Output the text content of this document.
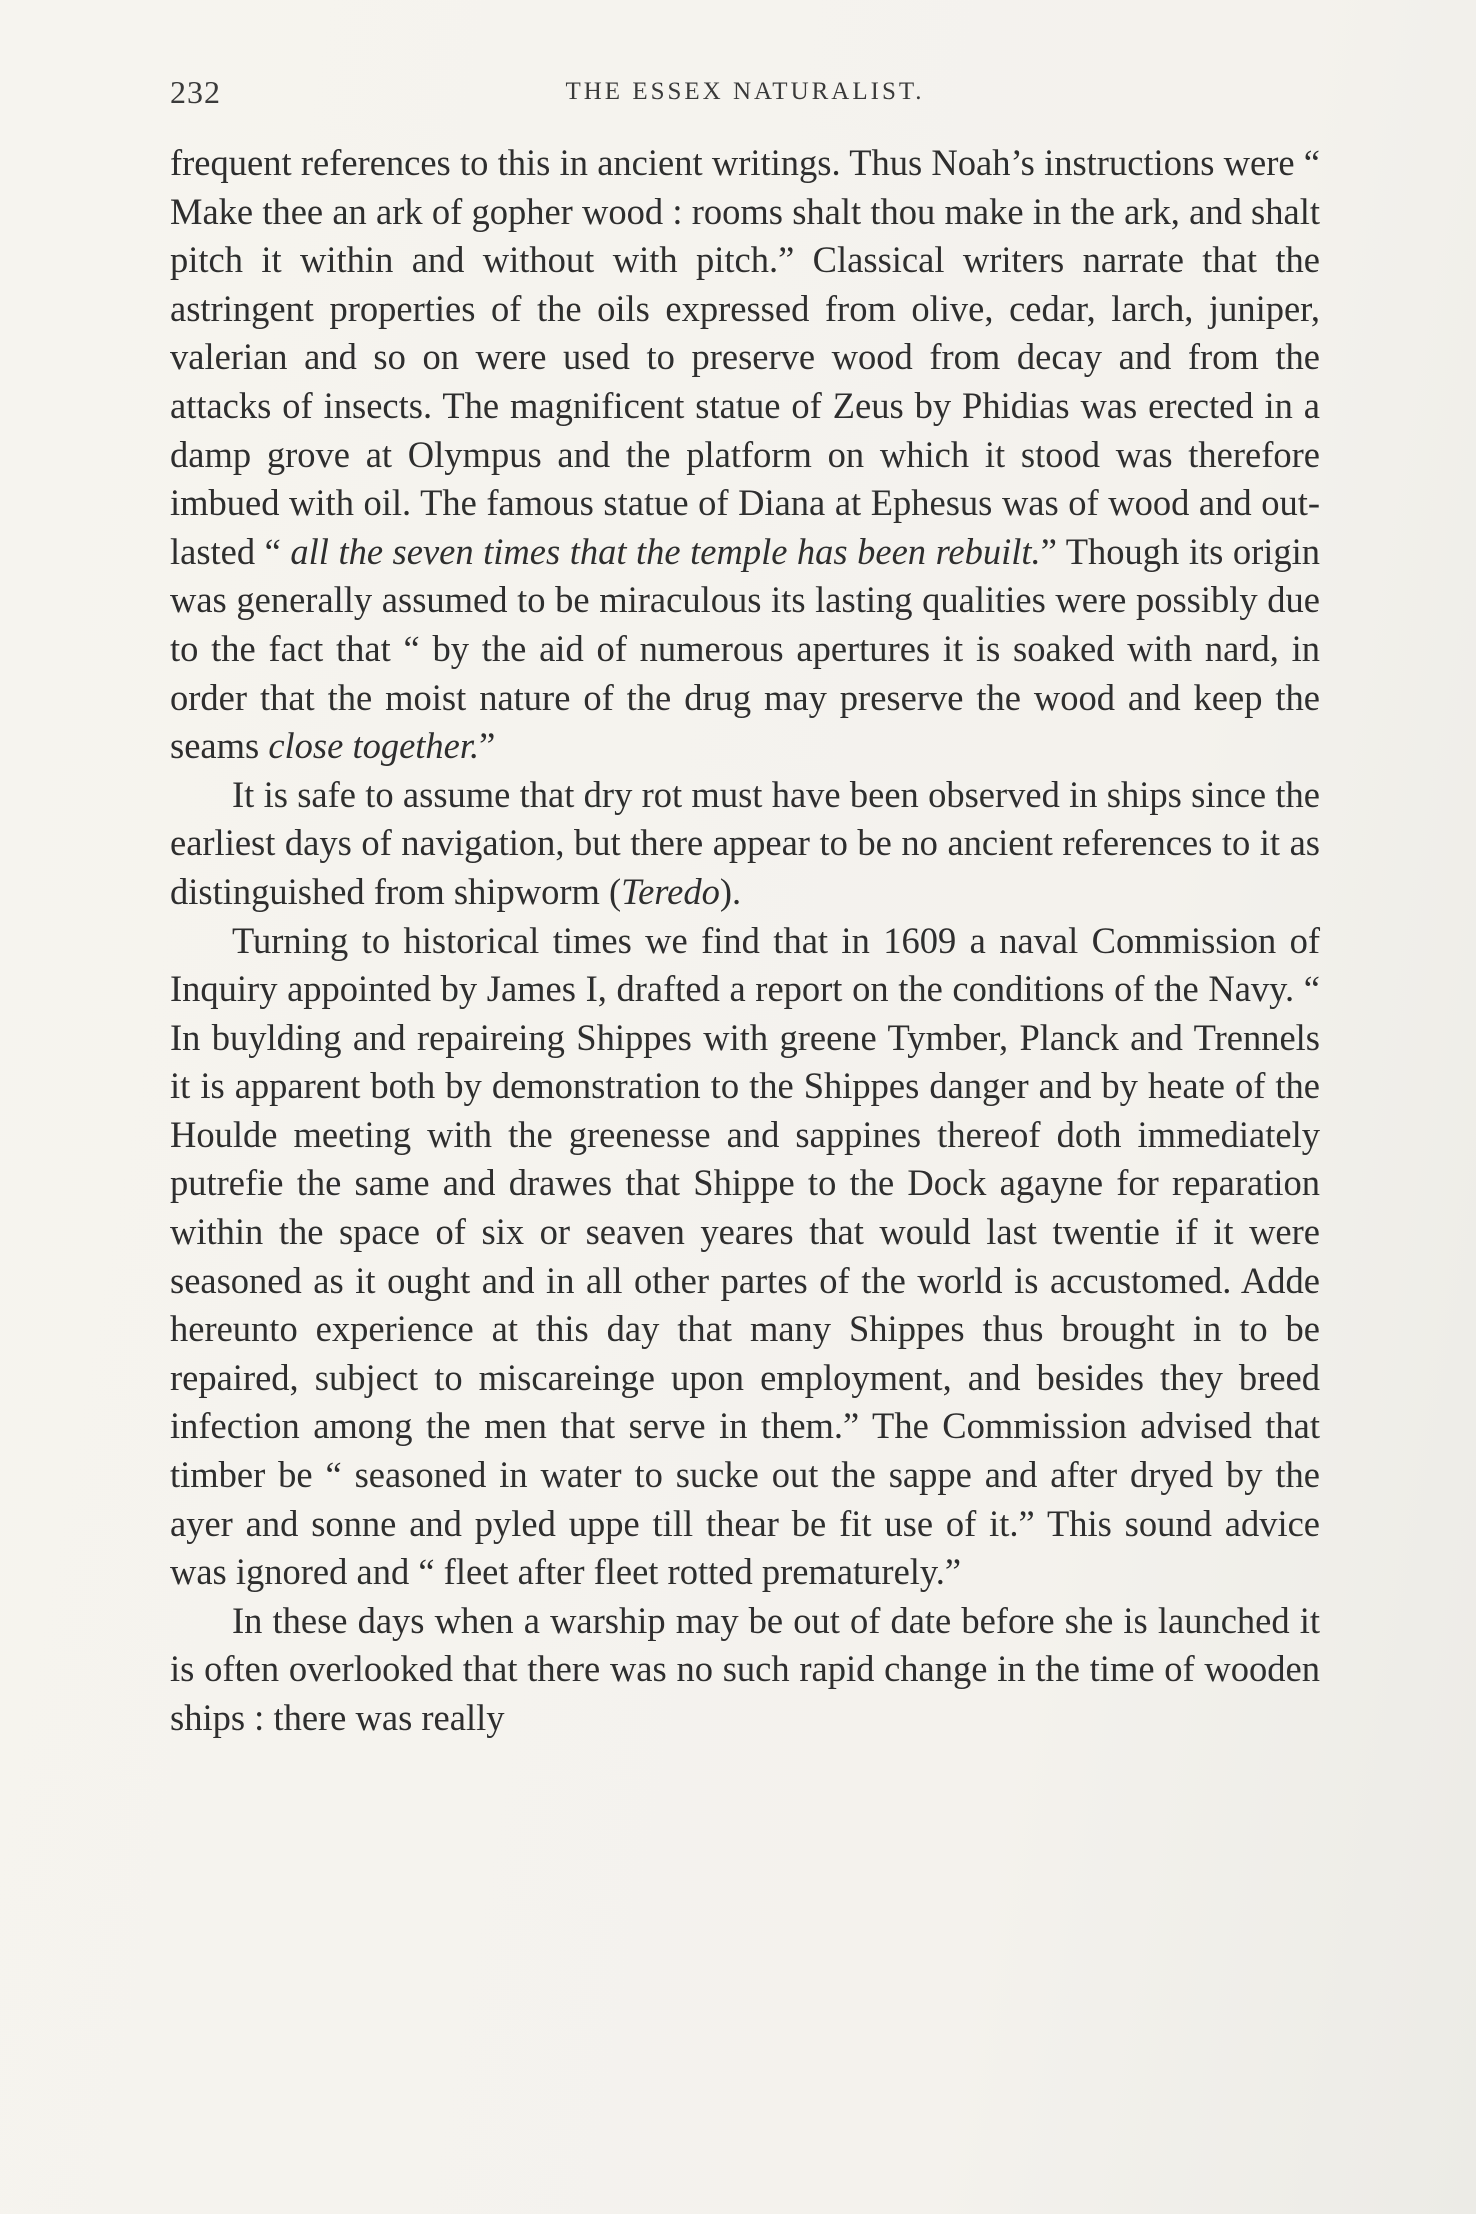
232	THE ESSEX NATURALIST.

frequent references to this in ancient writings. Thus Noah’s instructions were “ Make thee an ark of gopher wood : rooms shalt thou make in the ark, and shalt pitch it within and without with pitch.” Classical writers narrate that the astringent properties of the oils expressed from olive, cedar, larch, juniper, valerian and so on were used to preserve wood from decay and from the attacks of insects. The magnificent statue of Zeus by Phidias was erected in a damp grove at Olympus and the platform on which it stood was therefore imbued with oil. The famous statue of Diana at Ephesus was of wood and out-lasted “ all the seven times that the temple has been rebuilt.” Though its origin was generally assumed to be miraculous its lasting qualities were possibly due to the fact that “ by the aid of numerous apertures it is soaked with nard, in order that the moist nature of the drug may preserve the wood and keep the seams close together.”

It is safe to assume that dry rot must have been observed in ships since the earliest days of navigation, but there appear to be no ancient references to it as distinguished from shipworm (Teredo).

Turning to historical times we find that in 1609 a naval Commission of Inquiry appointed by James I, drafted a report on the conditions of the Navy. “ In buylding and repaireing Shippes with greene Tymber, Planck and Trennels it is apparent both by demonstration to the Shippes danger and by heate of the Houlde meeting with the greenesse and sappines thereof doth immediately putrefie the same and drawes that Shippe to the Dock agayne for reparation within the space of six or seaven yeares that would last twentie if it were seasoned as it ought and in all other partes of the world is accustomed. Adde hereunto experience at this day that many Shippes thus brought in to be repaired, subject to miscareinge upon employment, and besides they breed infection among the men that serve in them.” The Commission advised that timber be “ seasoned in water to sucke out the sappe and after dryed by the ayer and sonne and pyled uppe till thear be fit use of it.” This sound advice was ignored and “ fleet after fleet rotted prematurely.”

In these days when a warship may be out of date before she is launched it is often overlooked that there was no such rapid change in the time of wooden ships : there was really
